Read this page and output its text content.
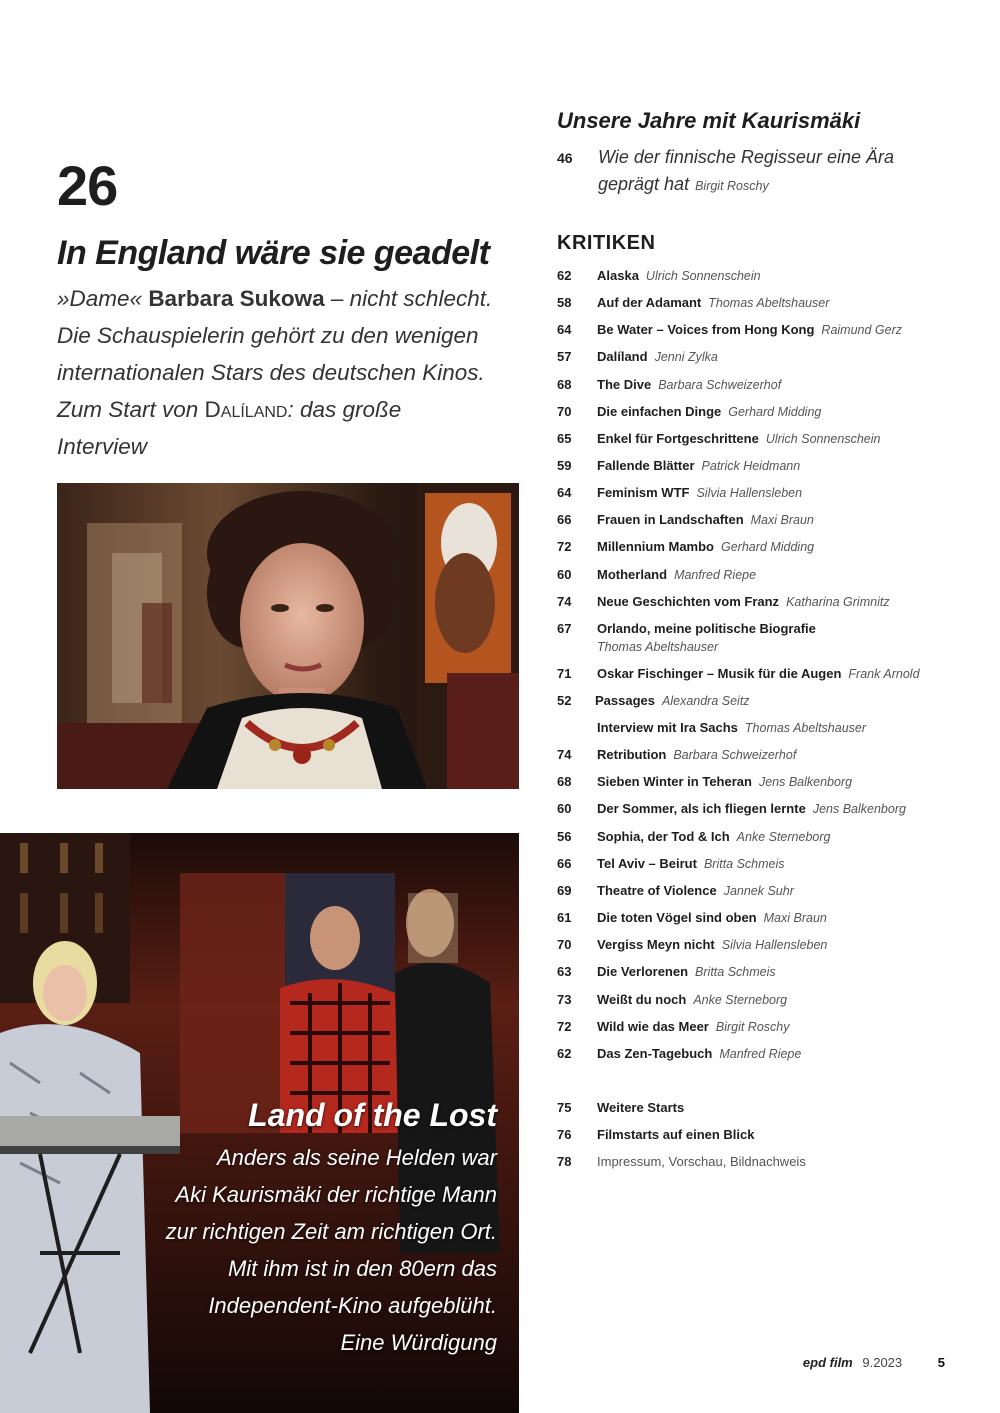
26
In England wäre sie geadelt
»Dame« Barbara Sukowa – nicht schlecht.
Die Schauspielerin gehört zu den wenigen
internationalen Stars des deutschen Kinos.
Zum Start von Dalíland: das große
Interview
Land of the Lost
Anders als seine Helden war
Aki Kaurismäki der richtige Mann
zur richtigen Zeit am richtigen Ort.
Mit ihm ist in den 80ern das
Independent-Kino aufgeblüht.
Eine Würdigung
Unsere Jahre mit Kaurismäki
46 Wie der finnische Regisseur eine Ära
geprägt hat Birgit Roschy
KRITIKEN
62 Alaska Ulrich Sonnenschein
58 Auf der Adamant Thomas Abeltshauser
64 Be Water – Voices from Hong Kong Raimund Gerz
57 Dalíland Jenni Zylka
68 The Dive Barbara Schweizerhof
70 Die einfachen Dinge Gerhard Midding
65 Enkel für Fortgeschrittene Ulrich Sonnenschein
59 Fallende Blätter Patrick Heidmann
64 Feminism WTF Silvia Hallensleben
66 Frauen in Landschaften Maxi Braun
72 Millennium Mambo Gerhard Midding
60 Motherland Manfred Riepe
74 Neue Geschichten vom Franz Katharina Grimnitz
67 Orlando, meine politische Biografie
Thomas Abeltshauser
71 Oskar Fischinger – Musik für die Augen Frank Arnold
52 Passages Alexandra Seitz
Interview mit Ira Sachs Thomas Abeltshauser
74 Retribution Barbara Schweizerhof
68 Sieben Winter in Teheran Jens Balkenborg
60 Der Sommer, als ich fliegen lernte Jens Balkenborg
56 Sophia, der Tod & Ich Anke Sterneborg
66 Tel Aviv – Beirut Britta Schmeis
69 Theatre of Violence Jannek Suhr
61 Die toten Vögel sind oben Maxi Braun
70 Vergiss Meyn nicht Silvia Hallensleben
63 Die Verlorenen Britta Schmeis
73 Weißt du noch Anke Sterneborg
72 Wild wie das Meer Birgit Roschy
62 Das Zen-Tagebuch Manfred Riepe
75 Weitere Starts
76 Filmstarts auf einen Blick
78 Impressum, Vorschau, Bildnachweis
epd film 9.2023	5
